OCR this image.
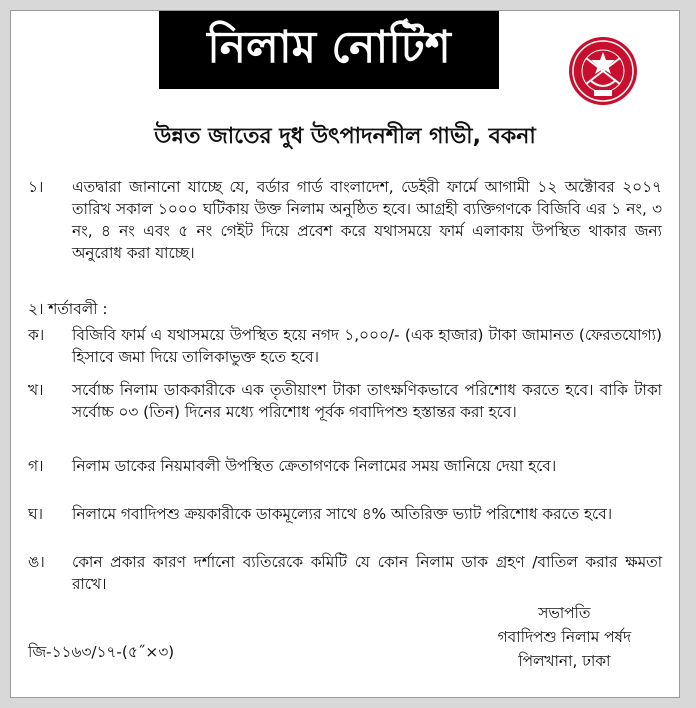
নিলাম নোটিশ
উন্নত জাতের দুধ উৎপাদনশীল গাভী, বকনা
১।	এতদ্বারা জানানো যাচ্ছে যে, বর্ডার গার্ড বাংলাদেশ, ডেইরী ফার্মে আগামী ১২ অক্টোবর ২০১৭ তারিখ সকাল ১০০০ ঘটিকায় উক্ত নিলাম অনুষ্ঠিত হবে। আগ্রহী ব্যক্তিগণকে বিজিবি এর ১ নং, ৩ নং, ৪ নং এবং ৫ নং গেইট দিয়ে প্রবেশ করে যথাসময়ে ফার্ম এলাকায় উপস্থিত থাকার জন্য অনুরোধ করা যাচ্ছে।
২। শর্তাবলী :
ক।	বিজিবি ফার্ম এ যথাসময়ে উপস্থিত হয়ে নগদ ১,০০০/- (এক হাজার) টাকা জামানত (ফেরতযোগ্য) হিসাবে জমা দিয়ে তালিকাভুক্ত হতে হবে।
খ।	সর্বোচ্চ নিলাম ডাককারীকে এক তৃতীয়াংশ টাকা তাৎক্ষণিকভাবে পরিশোধ করতে হবে। বাকি টাকা সর্বোচ্চ ০৩ (তিন) দিনের মধ্যে পরিশোধ পূর্বক গবাদিপশু হস্তান্তর করা হবে।
গ।	নিলাম ডাকের নিয়মাবলী উপস্থিত ক্রেতাগণকে নিলামের সময় জানিয়ে দেয়া হবে।
ঘ।	নিলামে গবাদিপশু ক্রয়কারীকে ডাকমূল্যের সাথে ৪% অতিরিক্ত ভ্যাট পরিশোধ করতে হবে।
ঙ।	কোন প্রকার কারণ দর্শানো ব্যতিরেকে কমিটি যে কোন নিলাম ডাক গ্রহণ /বাতিল করার ক্ষমতা রাখে।
সভাপতি
গবাদিপশু নিলাম পর্ষদ
পিলখানা, ঢাকা
জি-১১৬৩/১৭-(৫˝×৩)
